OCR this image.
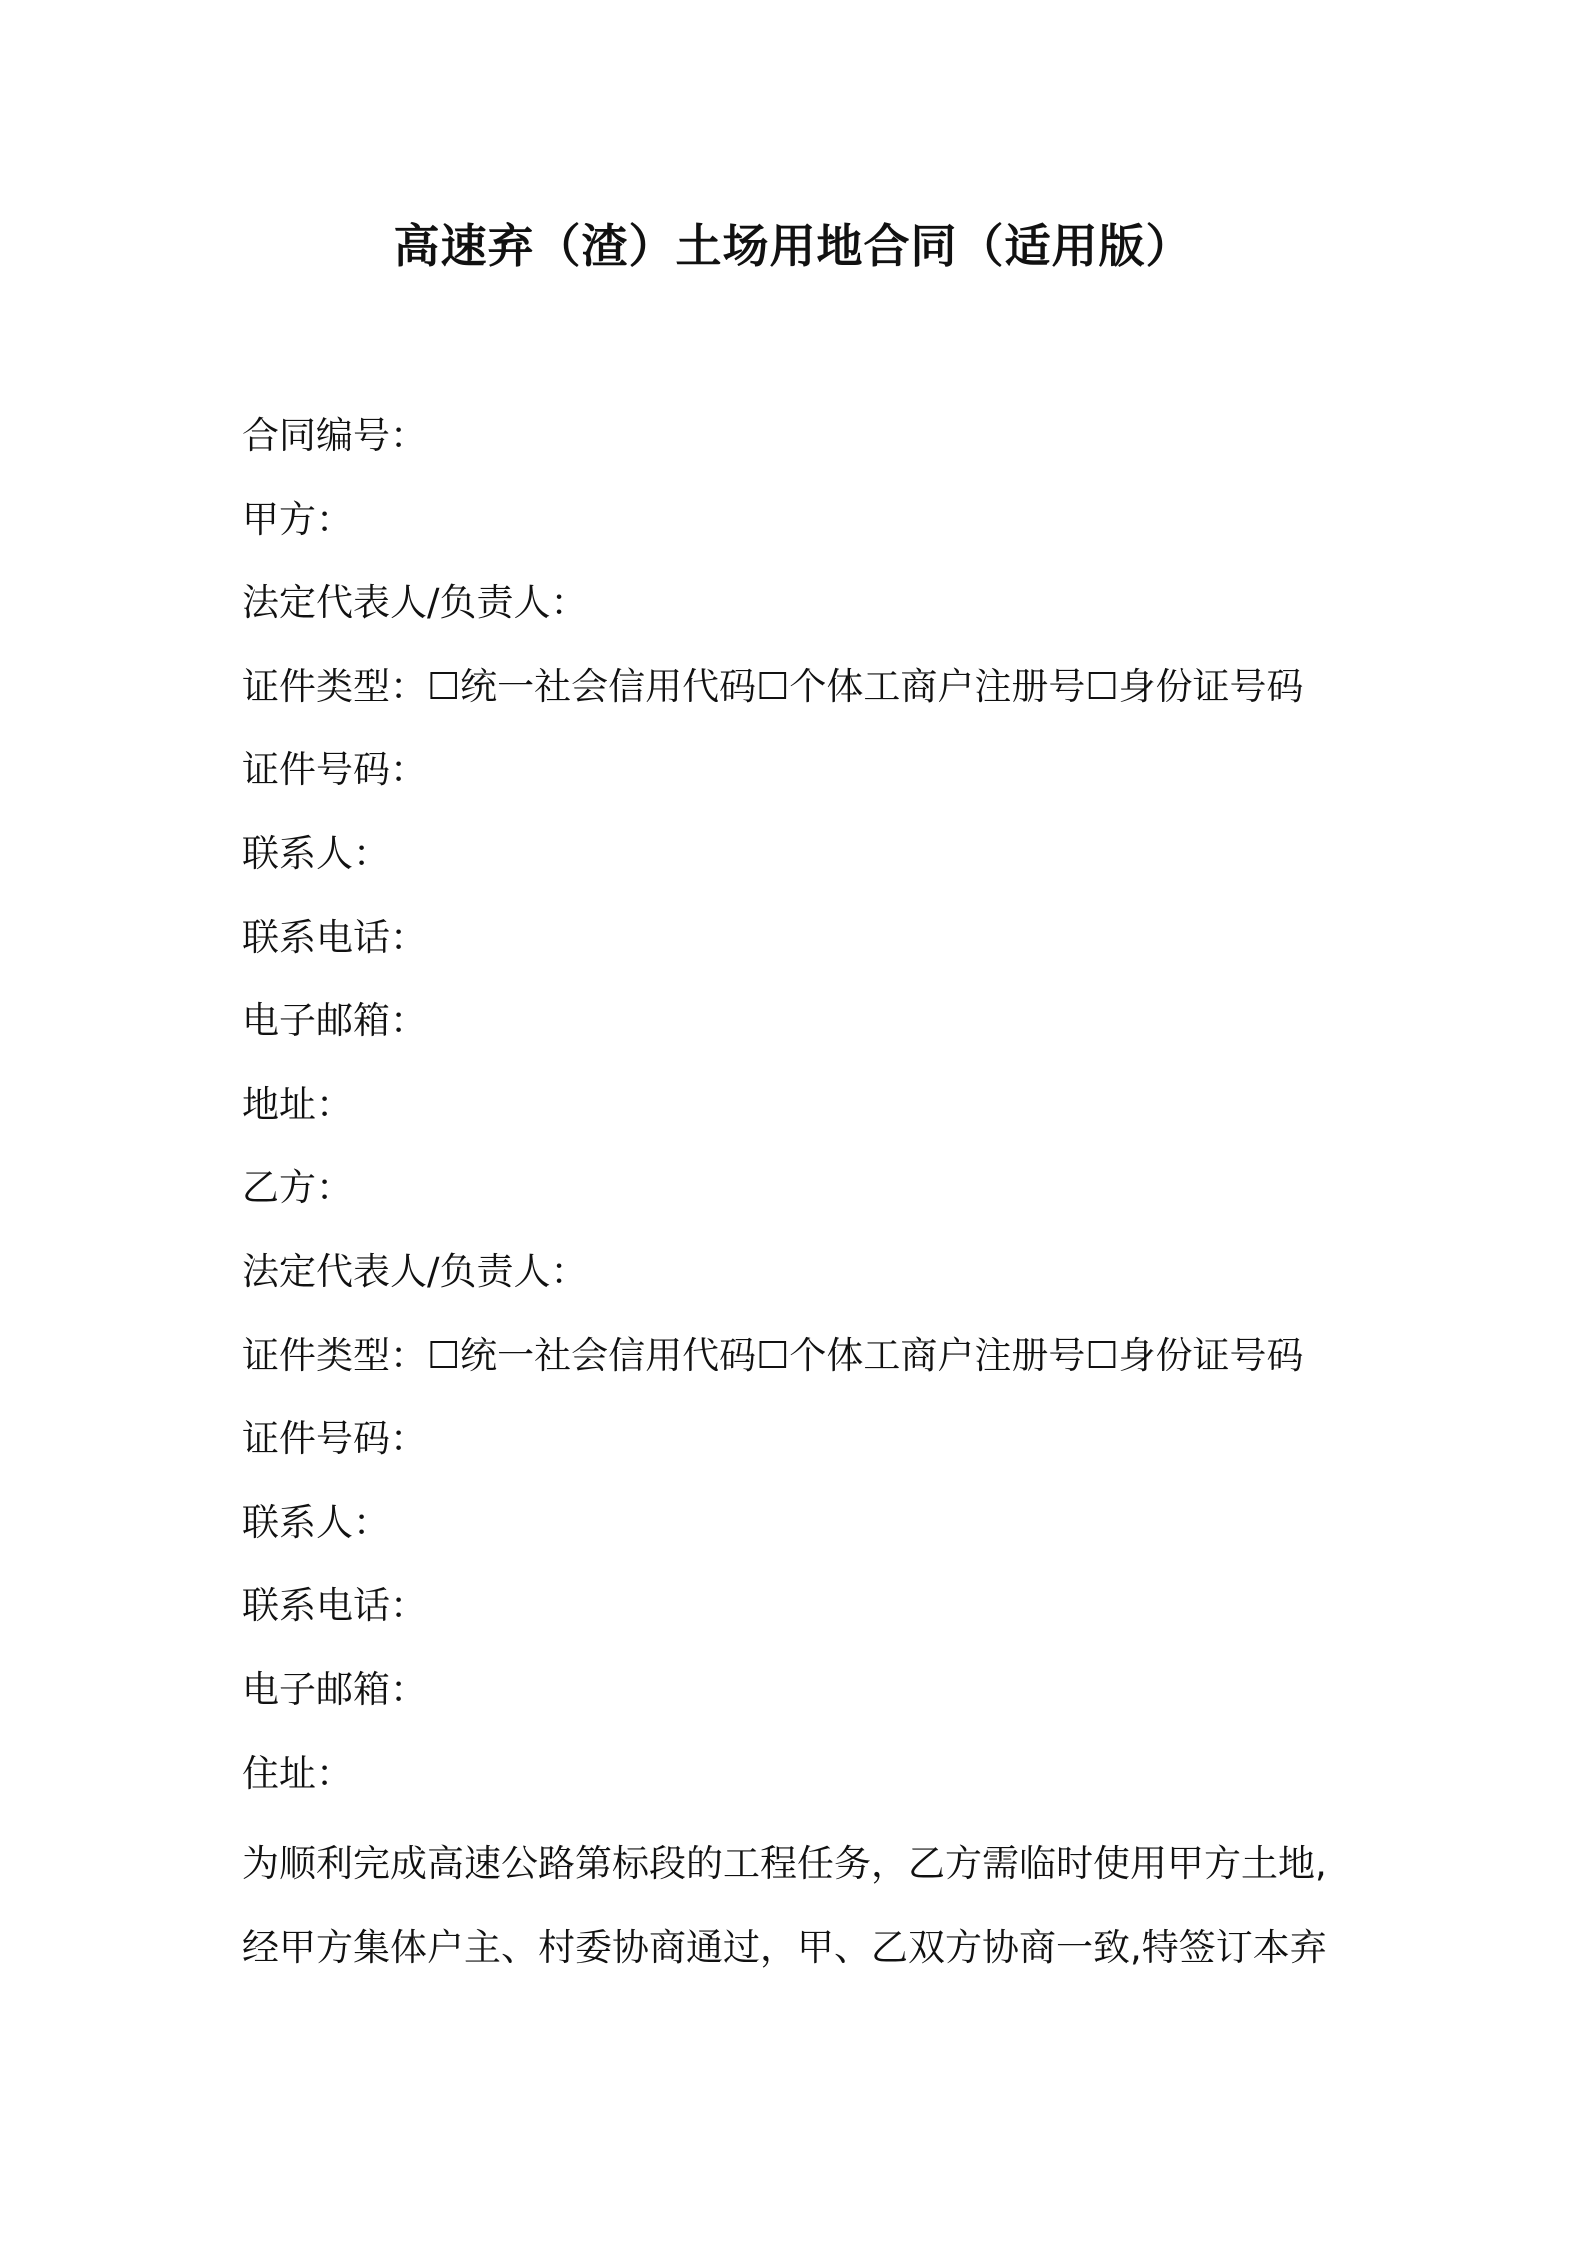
高速弃（渣）土场用地合同（适用版）
合同编号：
甲方：
法定代表人/负责人：
证件类型：☐统一社会信用代码☐个体工商户注册号☐身份证号码
证件号码：
联系人：
联系电话：
电子邮箱：
地址：
乙方：
法定代表人/负责人：
证件类型：☐统一社会信用代码☐个体工商户注册号☐身份证号码
证件号码：
联系人：
联系电话：
电子邮箱：
住址：
为顺利完成高速公路第标段的工程任务，乙方需临时使用甲方土地,
经甲方集体户主、村委协商通过，甲、乙双方协商一致,特签订本弃
